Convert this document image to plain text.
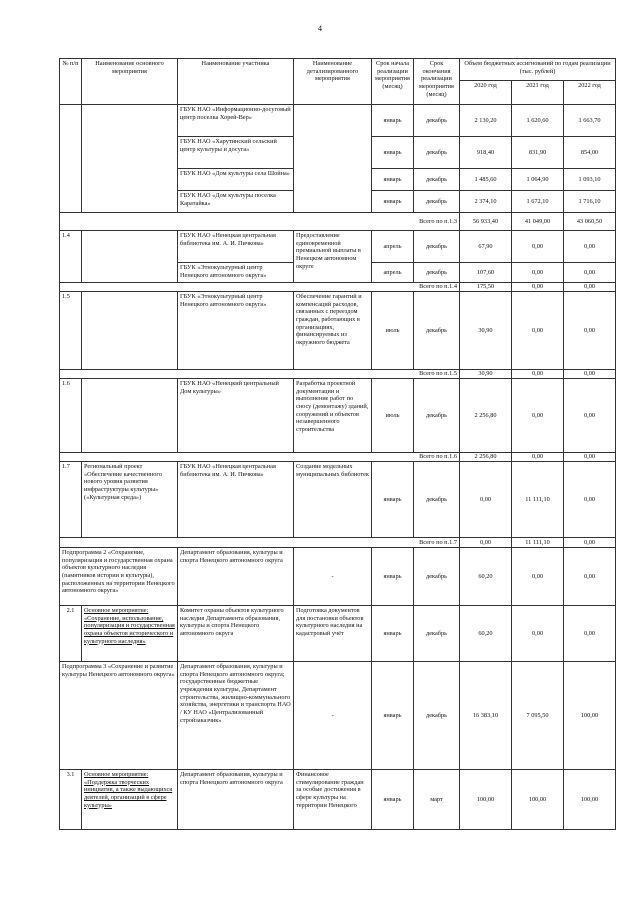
4
№ п/п	Наименование основного мероприятия	Наименование участника	Наименование детализированного мероприятия	Срок начала реализации мероприятия (месяц)	Срок окончания реализации мероприятия (месяц)	Объем бюджетных ассигнований по годам реализации (тыс. рублей)		
						2020 год	2021 год	2022 год
		ГБУК НАО «Информационно-досуговый центр поселка Хорей-Вер»		январь	декабрь	2 130,20	1 620,60	1 663,70
		ГБУК НАО «Харутинский сельский центр культуры и досуга»		январь	декабрь	918,40	831,90	854,00
		ГБУК НАО «Дом культуры села Шойна»		январь	декабрь	1 485,60	1 064,90	1 093,10
		ГБУК НАО «Дом культуры поселка Каратайка»		январь	декабрь	2 374,10	1 672,10	1 716,10
Всего по п.1.3						56 933,40	41 049,00	43 060,50
1.4		ГБУК НАО «Ненецкая центральная библиотека им. А. И. Пичкова»	Предоставление единовременной премиальной выплаты в Ненецком автономном округе	апрель	декабрь	67,90	0,00	0,00
		ГБУК «Этнокультурный центр Ненецкого автономного округа»		апрель	декабрь	107,60	0,00	0,00
Всего по п.1.4						175,50	0,00	0,00
1.5		ГБУК «Этнокультурный центр Ненецкого автономного округа»	Обеспечение гарантий и компенсаций расходов, связанных с переездом граждан, работающих в организациях, финансируемых из окружного бюджета	июль	декабрь	30,90	0,00	0,00
Всего по п.1.5						30,90	0,00	0,00
1.6		ГБУК НАО «Ненецкий центральный Дом культуры»	Разработка проектной документации и выполнение работ по сносу (демонтажу) зданий, сооружений и объектов незавершенного строительства	июль	декабрь	2 256,80	0,00	0,00
Всего по п.1.6						2 256,80	0,00	0,00
1.7	Региональный проект «Обеспечение качественного нового уровня развития инфраструктуры культуры» («Культурная среда»)	ГБУК НАО «Ненецкая центральная библиотека им. А. И. Пичкова»	Создание модельных муниципальных библиотек	январь	декабрь	0,00	11 111,10	0,00
Всего по п.1.7						0,00	11 111,10	0,00
Подпрограмма 2 «Сохранение, популяризация и государственная охрана объектов культурного наследия (памятников истории и культуры), расположенных на территории Ненецкого автономного округа»		Департамент образования, культуры и спорта Ненецкого автономного округа	-	январь	декабрь	60,20	0,00	0,00
2.1	Основное мероприятие: «Сохранение, использование, популяризация и государственная охрана объектов исторического и культурного наследия»	Комитет охраны объектов культурного наследия Департамента образования, культуры и спорта Ненецкого автономного округа	Подготовка документов для постановки объектов культурного наследия на кадастровый учёт	январь	декабрь	60,20	0,00	0,00
Подпрограмма 3 «Сохранение и развитие культуры Ненецкого автономного округа»		Департамент образования, культуры и спорта Ненецкого автономного округа; государственные бюджетные учреждения культуры, Департамент строительства, жилищно-коммунального хозяйства, энергетики и транспорта НАО / КУ НАО «Централизованный стройзаказчик»	-	январь	декабрь	16 383,10	7 095,50	100,00
3.1	Основное мероприятие: «Поддержка творческих инициатив, а также выдающихся деятелей, организаций в сфере культуры»	Департамент образования, культуры и спорта Ненецкого автономного округа	Финансовое стимулирование граждан за особые достижения в сфере культуры на территории Ненецкого	январь	март	100,00	100,00	100,00
